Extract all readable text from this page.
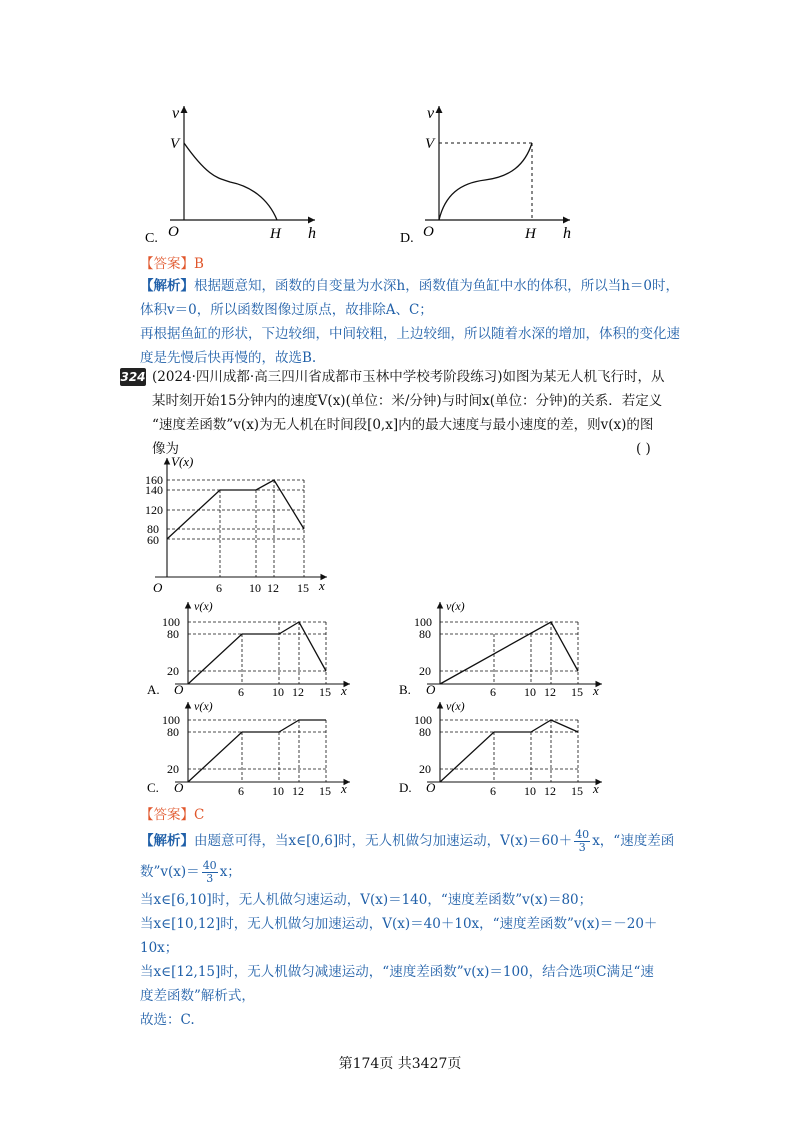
v
V
O	H h
C.
v
V
O	H h
D.
【答案】B
【解析】根据题意知，函数的自变量为水深h，函数值为鱼缸中水的体积，所以当h＝0时，
体积v＝0，所以函数图像过原点，故排除A、C；
再根据鱼缸的形状，下边较细，中间较粗，上边较细，所以随着水深的增加，体积的变化速
度是先慢后快再慢的，故选B.
324 (2024·四川成都·高三四川省成都市玉林中学校考阶段练习)如图为某无人机飞行时，从
某时刻开始15分钟内的速度V(x)(单位：米/分钟)与时间x(单位：分钟)的关系．若定义
“速度差函数”v(x)为无人机在时间段[0,x]内的最大速度与最小速度的差，则v(x)的图
像为	( )
V(x)
160
140
120
80
60
O	6 10 12 15 x
v(x)
100
80
20
A. O	6 10 12 15 x
v(x)
100
80
20
B. O	6 10 12 15 x
v(x)
100
80
20
C. O	6 10 12 15 x
v(x)
100
80
20
D. O	6 10 12 15 x
【答案】C
【解析】 由题意可得，当x∈[0,6]时，无人机做匀加速运动，$V(x)=60+ \frac{40}{3}$ x，“速度差函
数”v(x)＝ $\frac{40}{3}$ x；
当x∈[6,10]时，无人机做匀速运动，V(x)＝140，“速度差函数”v(x)＝80；
当x∈[10,12]时，无人机做匀加速运动，V(x)＝40＋10x，“速度差函数”v(x)＝－20＋
10x；
当x∈[12,15]时，无人机做匀减速运动，“速度差函数”v(x)＝100，结合选项C满足“速
度差函数”解析式，
故选：C.
第174页 共3427页
